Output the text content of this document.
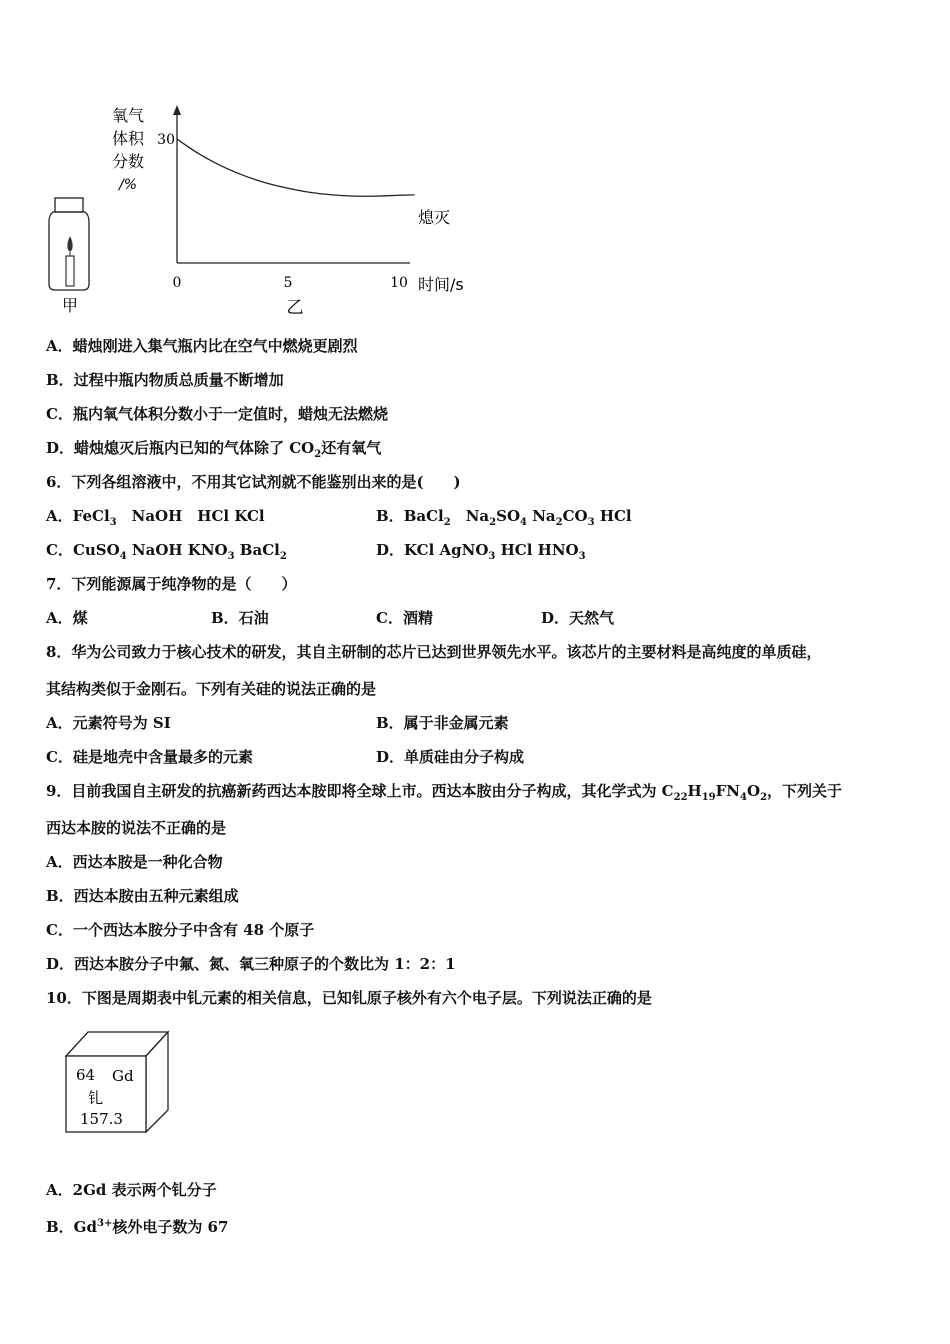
甲
氧气
体积
分数
/%
0	5	10
30
时间/s
熄灭
乙
A．蜡烛刚进入集气瓶内比在空气中燃烧更剧烈
B．过程中瓶内物质总质量不断增加
C．瓶内氧气体积分数小于一定值时，蜡烛无法燃烧
D．蜡烛熄灭后瓶内已知的气体除了 $CO_2$还有氧气
6．下列各组溶液中，不用其它试剂就不能鉴别出来的是(　　)
A．FeCl$_3$　NaOH　HCl KCl	B．BaCl$_2$　$Na_2SO_4$ $Na_2CO_3$ HCl
C．CuSO$_4$ NaOH $KNO_3$ BaCl$_2$	D．KCl AgNO$_3$ HCl $HNO_3$
7．下列能源属于纯净物的是（　　）
A．煤	B．石油	C．酒精	D．天然气
8．华为公司致力于核心技术的研发，其自主研制的芯片已达到世界领先水平。该芯片的主要材料是高纯度的单质硅，
其结构类似于金刚石。下列有关硅的说法正确的是
A．元素符号为 SI	B．属于非金属元素
C．硅是地壳中含量最多的元素	D．单质硅由分子构成
9．目前我国自主研发的抗癌新药西达本胺即将全球上市。西达本胺由分子构成，其化学式为 $C_{22}H_{19}FN_4O_2$，下列关于
西达本胺的说法不正确的是
A．西达本胺是一种化合物
B．西达本胺由五种元素组成
C．一个西达本胺分子中含有 48 个原子
D．西达本胺分子中氟、氮、氧三种原子的个数比为 1：2：1
10．下图是周期表中钆元素的相关信息，已知钆原子核外有六个电子层。下列说法正确的是
64 Gd
钆
157.3
A．2Gd 表示两个钆分子
B．$Gd^{3+}$核外电子数为 67
